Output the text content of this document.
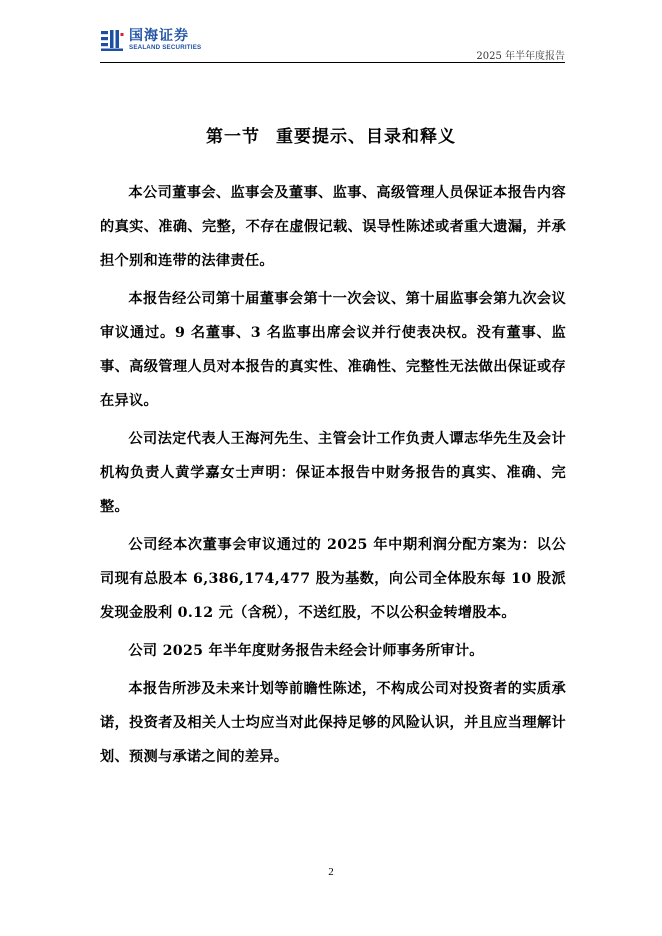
国海证券
SEALAND SECURITIES
2025 年半年度报告
第一节 重要提示、目录和释义

本公司董事会、监事会及董事、监事、高级管理人员保证本报告内容的真实、准确、完整，不存在虚假记载、误导性陈述或者重大遗漏，并承担个别和连带的法律责任。

本报告经公司第十届董事会第十一次会议、第十届监事会第九次会议审议通过。9 名董事、3 名监事出席会议并行使表决权。没有董事、监事、高级管理人员对本报告的真实性、准确性、完整性无法做出保证或存在异议。

公司法定代表人王海河先生、主管会计工作负责人谭志华先生及会计机构负责人黄学嘉女士声明：保证本报告中财务报告的真实、准确、完整。

公司经本次董事会审议通过的 2025 年中期利润分配方案为：以公司现有总股本 6,386,174,477 股为基数，向公司全体股东每 10 股派发现金股利 0.12 元（含税），不送红股，不以公积金转增股本。

公司 2025 年半年度财务报告未经会计师事务所审计。

本报告所涉及未来计划等前瞻性陈述，不构成公司对投资者的实质承诺，投资者及相关人士均应当对此保持足够的风险认识，并且应当理解计划、预测与承诺之间的差异。

2
